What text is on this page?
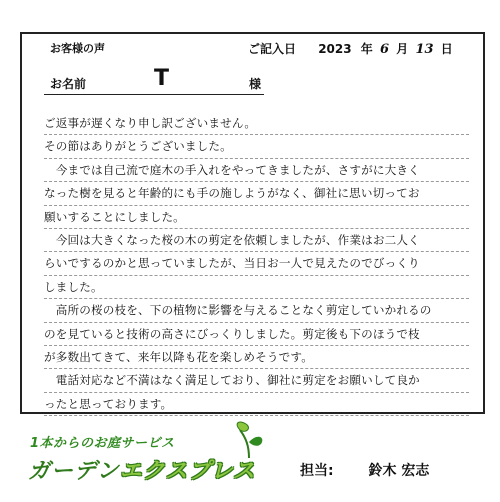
お客様の声	ご記入日 2023 年 6 月 13 日
お名前	T	様
ご返事が遅くなり申し訳ございません。
その節はありがとうございました。
　今までは自己流で庭木の手入れをやってきましたが、さすがに大きく
なった樹を見ると年齢的にも手の施しようがなく、御社に思い切ってお
願いすることにしました。
　今回は大きくなった桜の木の剪定を依頼しましたが、作業はお二人く
らいでするのかと思っていましたが、当日お一人で見えたのでびっくり
しました。
　高所の桜の枝を、下の植物に影響を与えることなく剪定していかれるの
のを見ていると技術の高さにびっくりしました。剪定後も下のほうで枝
が多数出てきて、来年以降も花を楽しめそうです。
　電話対応など不満はなく満足しており、御社に剪定をお願いして良か
ったと思っております。
1本からのお庭サービス
ガーデンエクスプレス	担当: 鈴木 宏志
